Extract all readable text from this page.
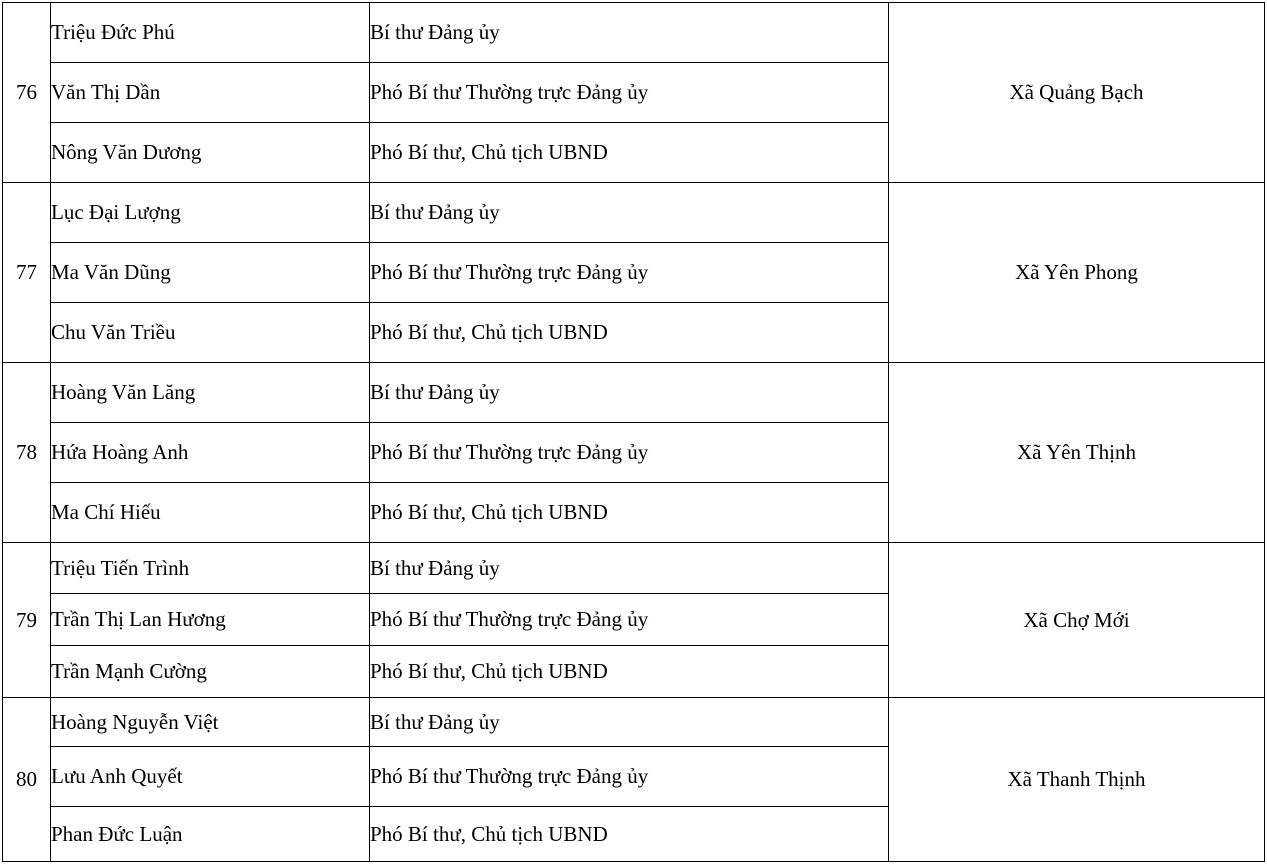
76	Triệu Đức Phú	Bí thư Đảng ủy	Xã Quảng Bạch
	Văn Thị Dần	Phó Bí thư Thường trực Đảng ủy	
	Nông Văn Dương	Phó Bí thư, Chủ tịch UBND	
77	Lục Đại Lượng	Bí thư Đảng ủy	Xã Yên Phong
	Ma Văn Dũng	Phó Bí thư Thường trực Đảng ủy	
	Chu Văn Triều	Phó Bí thư, Chủ tịch UBND	
78	Hoàng Văn Lăng	Bí thư Đảng ủy	Xã Yên Thịnh
	Hứa Hoàng Anh	Phó Bí thư Thường trực Đảng ủy	
	Ma Chí Hiếu	Phó Bí thư, Chủ tịch UBND	
79	Triệu Tiến Trình	Bí thư Đảng ủy	Xã Chợ Mới
	Trần Thị Lan Hương	Phó Bí thư Thường trực Đảng ủy	
	Trần Mạnh Cường	Phó Bí thư, Chủ tịch UBND	
80	Hoàng Nguyễn Việt	Bí thư Đảng ủy	Xã Thanh Thịnh
	Lưu Anh Quyết	Phó Bí thư Thường trực Đảng ủy	
	Phan Đức Luận	Phó Bí thư, Chủ tịch UBND	
